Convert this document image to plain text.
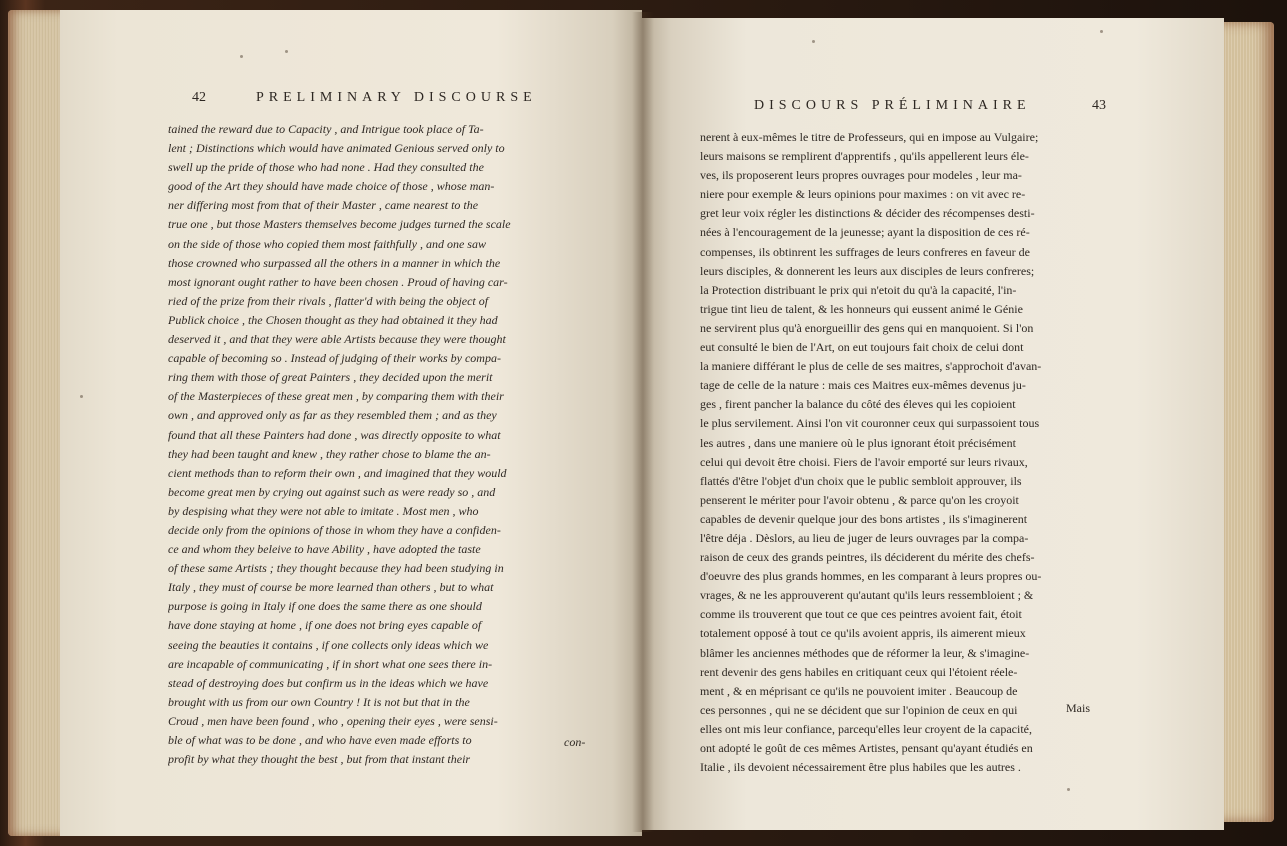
42	PRELIMINARY DISCOURSE
tained the reward due to Capacity , and Intrigue took place of Ta-
lent ; Distinctions which would have animated Genious served only to
swell up the pride of those who had none . Had they consulted the
good of the Art they should have made choice of those , whose man-
ner differing most from that of their Master , came nearest to the
true one , but those Masters themselves become judges turned the scale
on the side of those who copied them most faithfully , and one saw
those crowned who surpassed all the others in a manner in which the
most ignorant ought rather to have been chosen . Proud of having car-
ried of the prize from their rivals , flatter'd with being the object of
Publick choice , the Chosen thought as they had obtained it they had
deserved it , and that they were able Artists because they were thought
capable of becoming so . Instead of judging of their works by compa-
ring them with those of great Painters , they decided upon the merit
of the Masterpieces of these great men , by comparing them with their
own , and approved only as far as they resembled them ; and as they
found that all these Painters had done , was directly opposite to what
they had been taught and knew , they rather chose to blame the an-
cient methods than to reform their own , and imagined that they would
become great men by crying out against such as were ready so , and
by despising what they were not able to imitate . Most men , who
decide only from the opinions of those in whom they have a confiden-
ce and whom they beleive to have Ability , have adopted the taste
of these same Artists ; they thought because they had been studying in
Italy , they must of course be more learned than others , but to what
purpose is going in Italy if one does the same there as one should
have done staying at home , if one does not bring eyes capable of
seeing the beauties it contains , if one collects only ideas which we
are incapable of communicating , if in short what one sees there in-
stead of destroying does but confirm us in the ideas which we have
brought with us from our own Country ! It is not but that in the
Croud , men have been found , who , opening their eyes , were sensi-
ble of what was to be done , and who have even made efforts to
profit by what they thought the best , but from that instant their
con-
DISCOURS PRÉLIMINAIRE	43
nerent à eux-mêmes le titre de Professeurs, qui en impose au Vulgaire;
leurs maisons se remplirent d'apprentifs , qu'ils appellerent leurs éle-
ves, ils proposerent leurs propres ouvrages pour modeles , leur ma-
niere pour exemple & leurs opinions pour maximes : on vit avec re-
gret leur voix régler les distinctions & décider des récompenses desti-
nées à l'encouragement de la jeunesse; ayant la disposition de ces ré-
compenses, ils obtinrent les suffrages de leurs confreres en faveur de
leurs disciples, & donnerent les leurs aux disciples de leurs confreres;
la Protection distribuant le prix qui n'etoit du qu'à la capacité, l'in-
trigue tint lieu de talent, & les honneurs qui eussent animé le Génie
ne servirent plus qu'à enorgueillir des gens qui en manquoient. Si l'on
eut consulté le bien de l'Art, on eut toujours fait choix de celui dont
la maniere différant le plus de celle de ses maitres, s'approchoit d'avan-
tage de celle de la nature : mais ces Maitres eux-mêmes devenus ju-
ges , firent pancher la balance du côté des éleves qui les copioient
le plus servilement. Ainsi l'on vit couronner ceux qui surpassoient tous
les autres , dans une maniere où le plus ignorant étoit précisément
celui qui devoit être choisi. Fiers de l'avoir emporté sur leurs rivaux,
flattés d'être l'objet d'un choix que le public sembloit approuver, ils
penserent le mériter pour l'avoir obtenu , & parce qu'on les croyoit
capables de devenir quelque jour des bons artistes , ils s'imaginerent
l'être déja . Dèslors, au lieu de juger de leurs ouvrages par la compa-
raison de ceux des grands peintres, ils déciderent du mérite des chefs-
d'oeuvre des plus grands hommes, en les comparant à leurs propres ou-
vrages, & ne les approuverent qu'autant qu'ils leurs ressembloient ; &
comme ils trouverent que tout ce que ces peintres avoient fait, étoit
totalement opposé à tout ce qu'ils avoient appris, ils aimerent mieux
blâmer les anciennes méthodes que de réformer la leur, & s'imagine-
rent devenir des gens habiles en critiquant ceux qui l'étoient réele-
ment , & en méprisant ce qu'ils ne pouvoient imiter . Beaucoup de
ces personnes , qui ne se décident que sur l'opinion de ceux en qui
elles ont mis leur confiance, parcequ'elles leur croyent de la capacité,
ont adopté le goût de ces mêmes Artistes, pensant qu'ayant étudiés en
Italie , ils devoient nécessairement être plus habiles que les autres .
Mais
